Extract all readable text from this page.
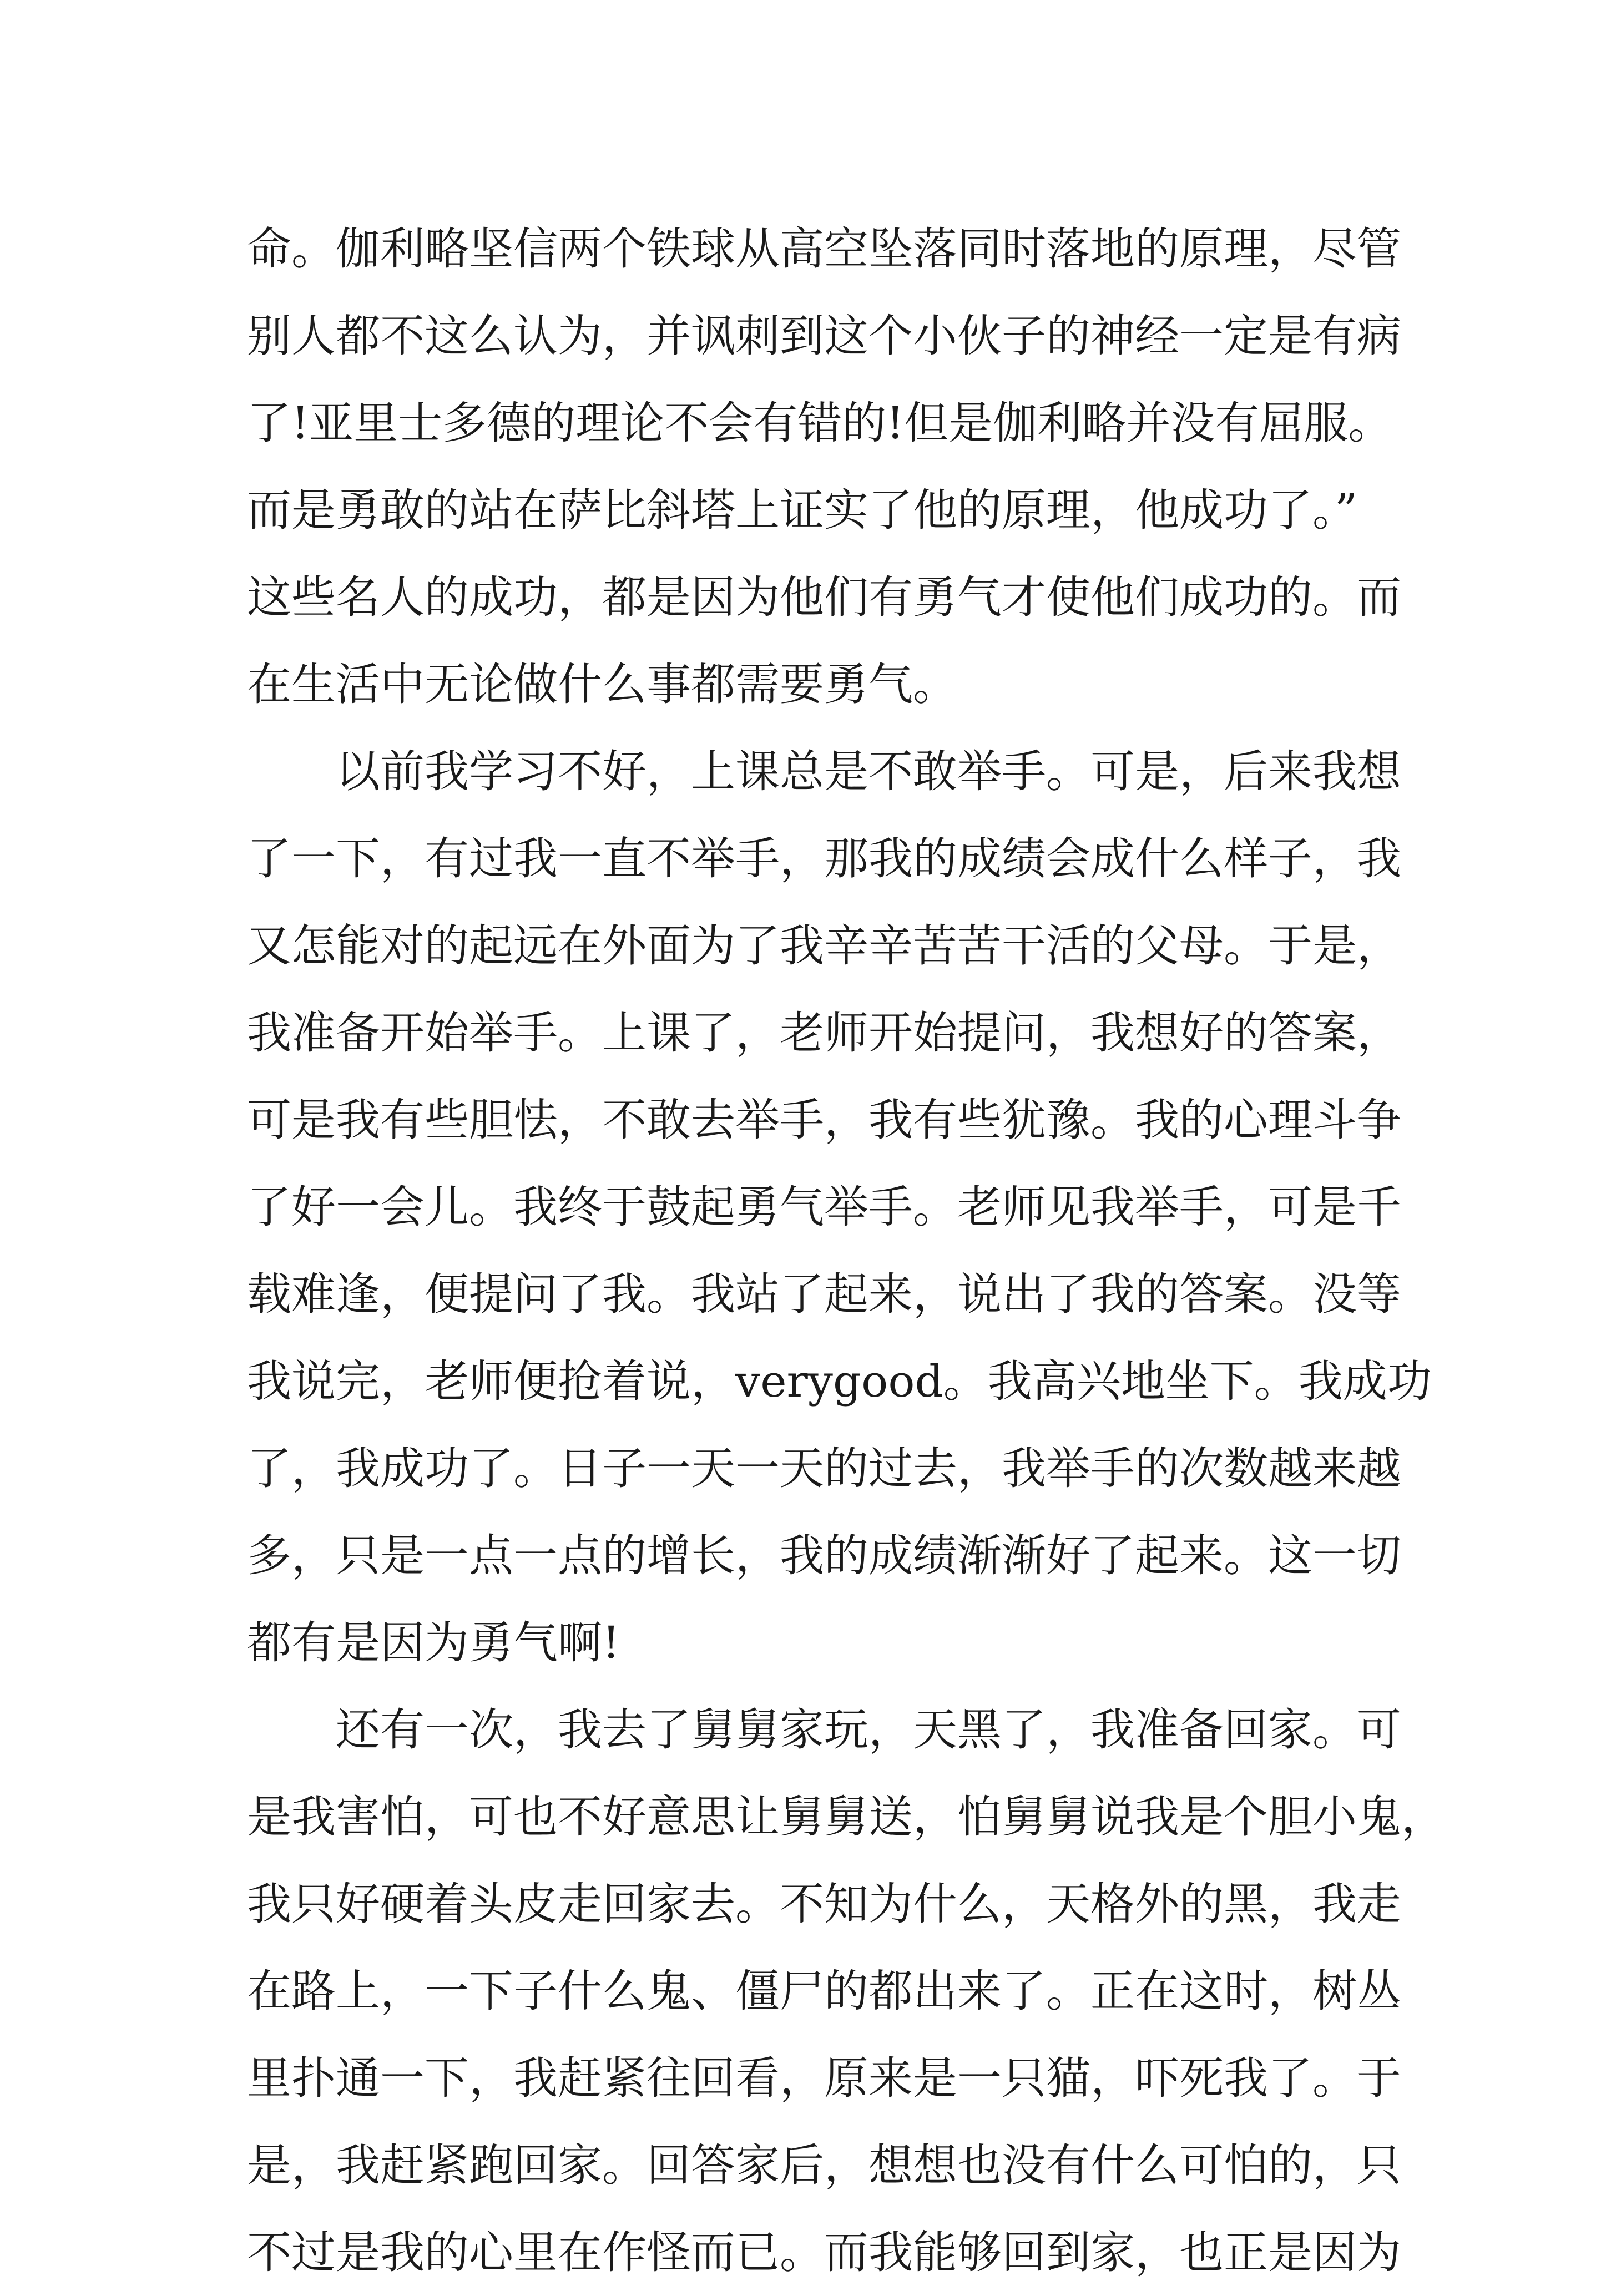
命。伽利略坚信两个铁球从高空坠落同时落地的原理，尽管
别人都不这么认为，并讽刺到这个小伙子的神经一定是有病
了!亚里士多德的理论不会有错的!但是伽利略并没有屈服。
而是勇敢的站在萨比斜塔上证实了他的原理，他成功了。”
这些名人的成功，都是因为他们有勇气才使他们成功的。而
在生活中无论做什么事都需要勇气。
以前我学习不好，上课总是不敢举手。可是，后来我想
了一下，有过我一直不举手，那我的成绩会成什么样子，我
又怎能对的起远在外面为了我辛辛苦苦干活的父母。于是，
我准备开始举手。上课了，老师开始提问，我想好的答案，
可是我有些胆怯，不敢去举手，我有些犹豫。我的心理斗争
了好一会儿。我终于鼓起勇气举手。老师见我举手，可是千
载难逢，便提问了我。我站了起来，说出了我的答案。没等
我说完，老师便抢着说，verygood。我高兴地坐下。我成功
了，我成功了。日子一天一天的过去，我举手的次数越来越
多，只是一点一点的增长，我的成绩渐渐好了起来。这一切
都有是因为勇气啊!
还有一次，我去了舅舅家玩，天黑了，我准备回家。可
是我害怕，可也不好意思让舅舅送，怕舅舅说我是个胆小鬼，
我只好硬着头皮走回家去。不知为什么，天格外的黑，我走
在路上，一下子什么鬼、僵尸的都出来了。正在这时，树丛
里扑通一下，我赶紧往回看，原来是一只猫，吓死我了。于
是，我赶紧跑回家。回答家后，想想也没有什么可怕的，只
不过是我的心里在作怪而已。而我能够回到家，也正是因为
